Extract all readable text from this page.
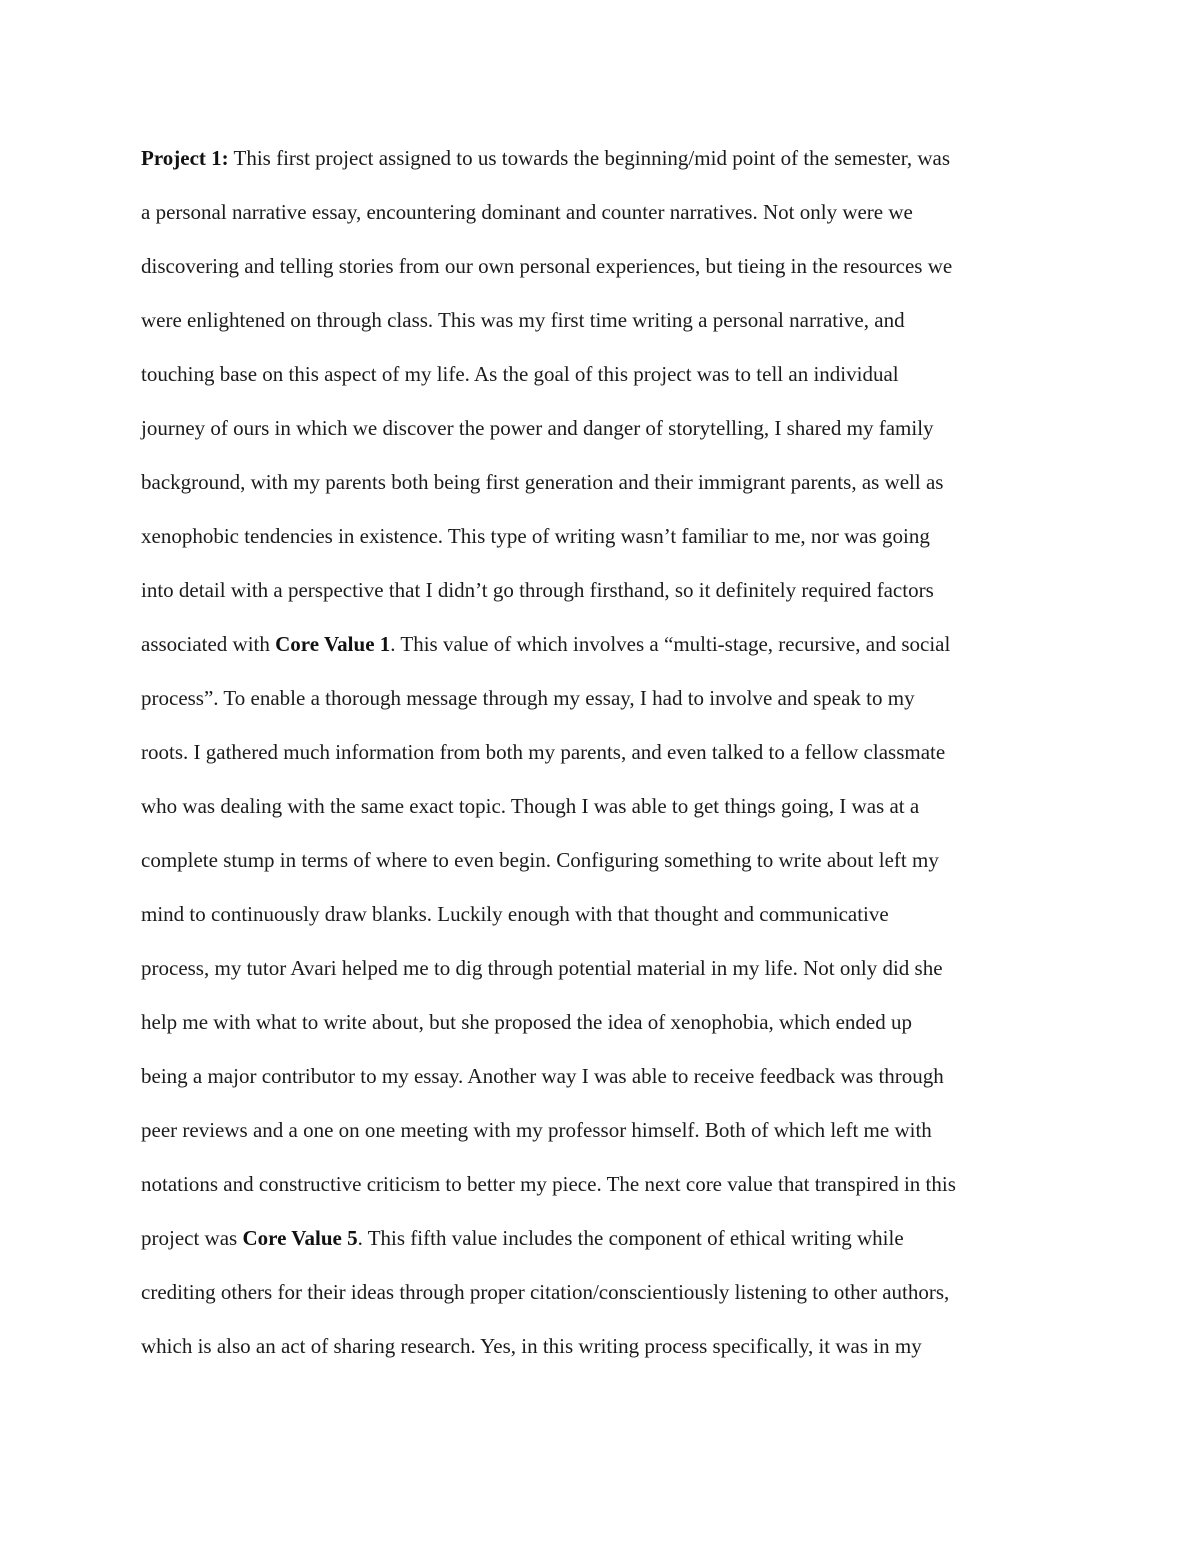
Project 1: This first project assigned to us towards the beginning/mid point of the semester, was
a personal narrative essay, encountering dominant and counter narratives. Not only were we
discovering and telling stories from our own personal experiences, but tieing in the resources we
were enlightened on through class. This was my first time writing a personal narrative, and
touching base on this aspect of my life. As the goal of this project was to tell an individual
journey of ours in which we discover the power and danger of storytelling, I shared my family
background, with my parents both being first generation and their immigrant parents, as well as
xenophobic tendencies in existence. This type of writing wasn’t familiar to me, nor was going
into detail with a perspective that I didn’t go through firsthand, so it definitely required factors
associated with Core Value 1. This value of which involves a “multi-stage, recursive, and social
process”. To enable a thorough message through my essay, I had to involve and speak to my
roots. I gathered much information from both my parents, and even talked to a fellow classmate
who was dealing with the same exact topic. Though I was able to get things going, I was at a
complete stump in terms of where to even begin. Configuring something to write about left my
mind to continuously draw blanks. Luckily enough with that thought and communicative
process, my tutor Avari helped me to dig through potential material in my life. Not only did she
help me with what to write about, but she proposed the idea of xenophobia, which ended up
being a major contributor to my essay. Another way I was able to receive feedback was through
peer reviews and a one on one meeting with my professor himself. Both of which left me with
notations and constructive criticism to better my piece. The next core value that transpired in this
project was Core Value 5. This fifth value includes the component of ethical writing while
crediting others for their ideas through proper citation/conscientiously listening to other authors,
which is also an act of sharing research. Yes, in this writing process specifically, it was in my
